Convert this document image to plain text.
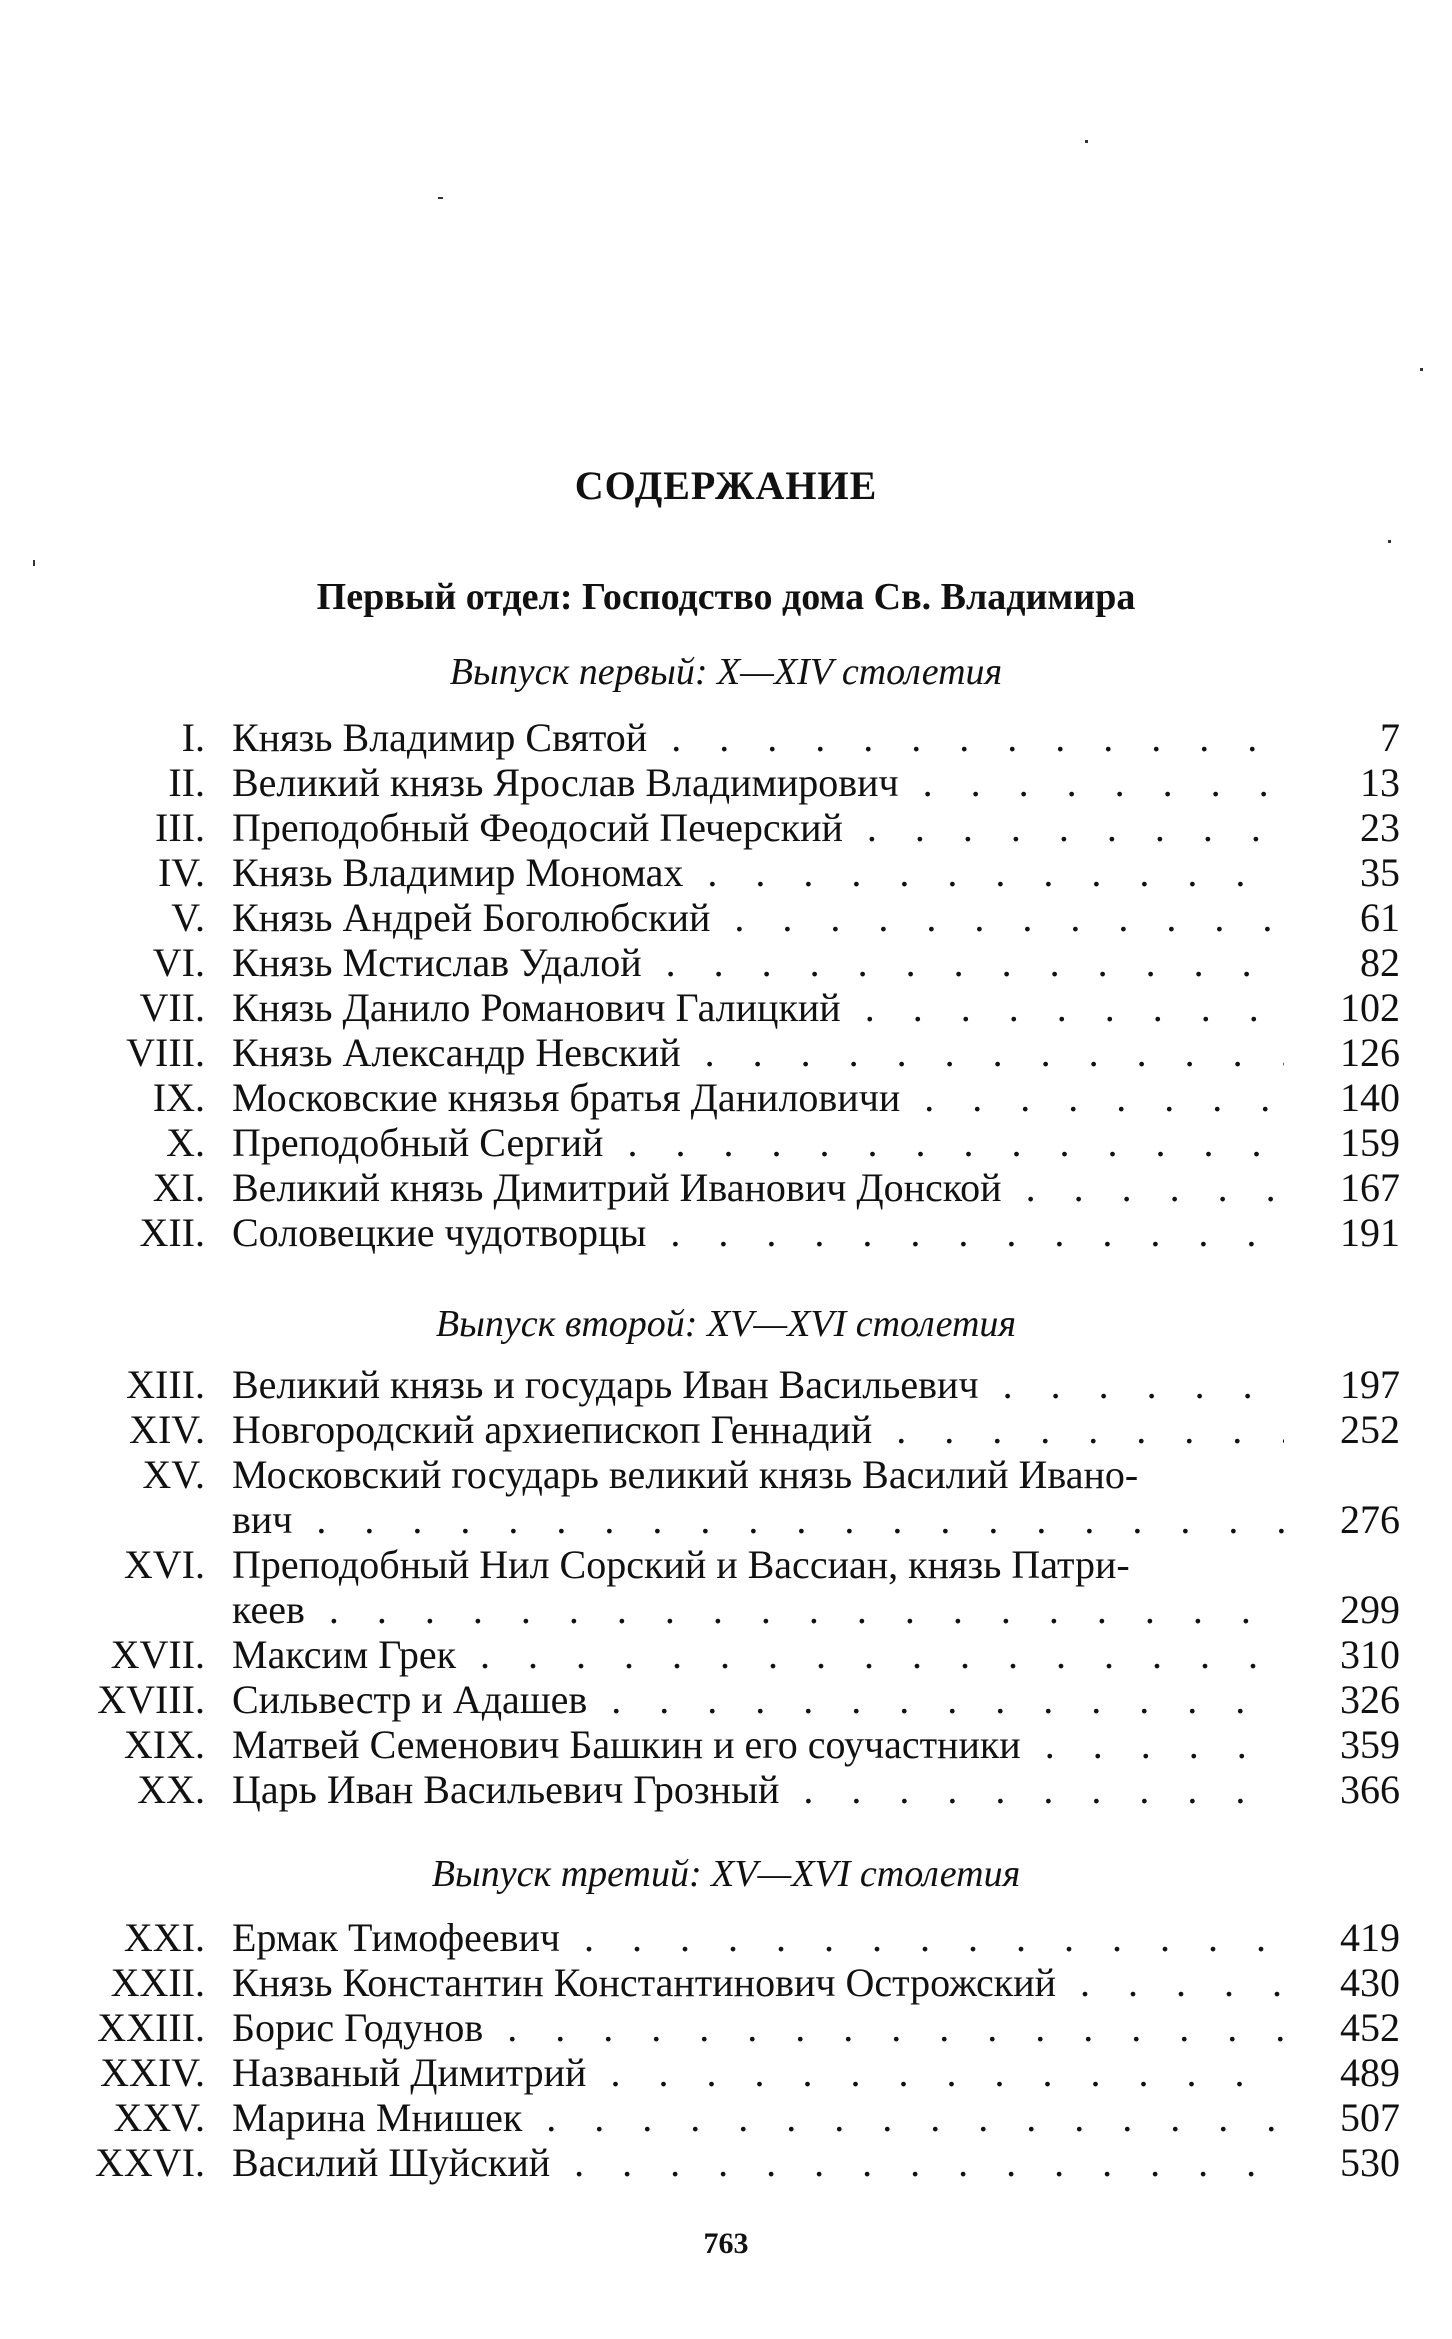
СОДЕРЖАНИЕ
Первый отдел: Господство дома Св. Владимира
Выпуск первый: X—XIV столетия
I. Князь Владимир Святой . . .	7
II. Великий князь Ярослав Владимирович . . .	13
III. Преподобный Феодосий Печерский . . .	23
IV. Князь Владимир Мономах . . .	35
V. Князь Андрей Боголюбский . . .	61
VI. Князь Мстислав Удалой . . .	82
VII. Князь Данило Романович Галицкий . . .	102
VIII. Князь Александр Невский . . .	126
IX. Московские князья братья Даниловичи . . .	140
X. Преподобный Сергий . . .	159
XI. Великий князь Димитрий Иванович Донской . . .	167
XII. Соловецкие чудотворцы . . .	191
Выпуск второй: XV—XVI столетия
XIII. Великий князь и государь Иван Васильевич . . .	197
XIV. Новгородский архиепископ Геннадий . . .	252
XV. Московский государь великий князь Василий Ивано-
вич . . .	276
XVI. Преподобный Нил Сорский и Вассиан, князь Патри-
кеев . . .	299
XVII. Максим Грек . . .	310
XVIII. Сильвестр и Адашев . . .	326
XIX. Матвей Семенович Башкин и его соучастники . . .	359
XX. Царь Иван Васильевич Грозный . . .	366
Выпуск третий: XV—XVI столетия
XXI. Ермак Тимофеевич . . .	419
XXII. Князь Константин Константинович Острожский . . .	430
XXIII. Борис Годунов . . .	452
XXIV. Названый Димитрий . . .	489
XXV. Марина Мнишек . . .	507
XXVI. Василий Шуйский . . .	530
763
